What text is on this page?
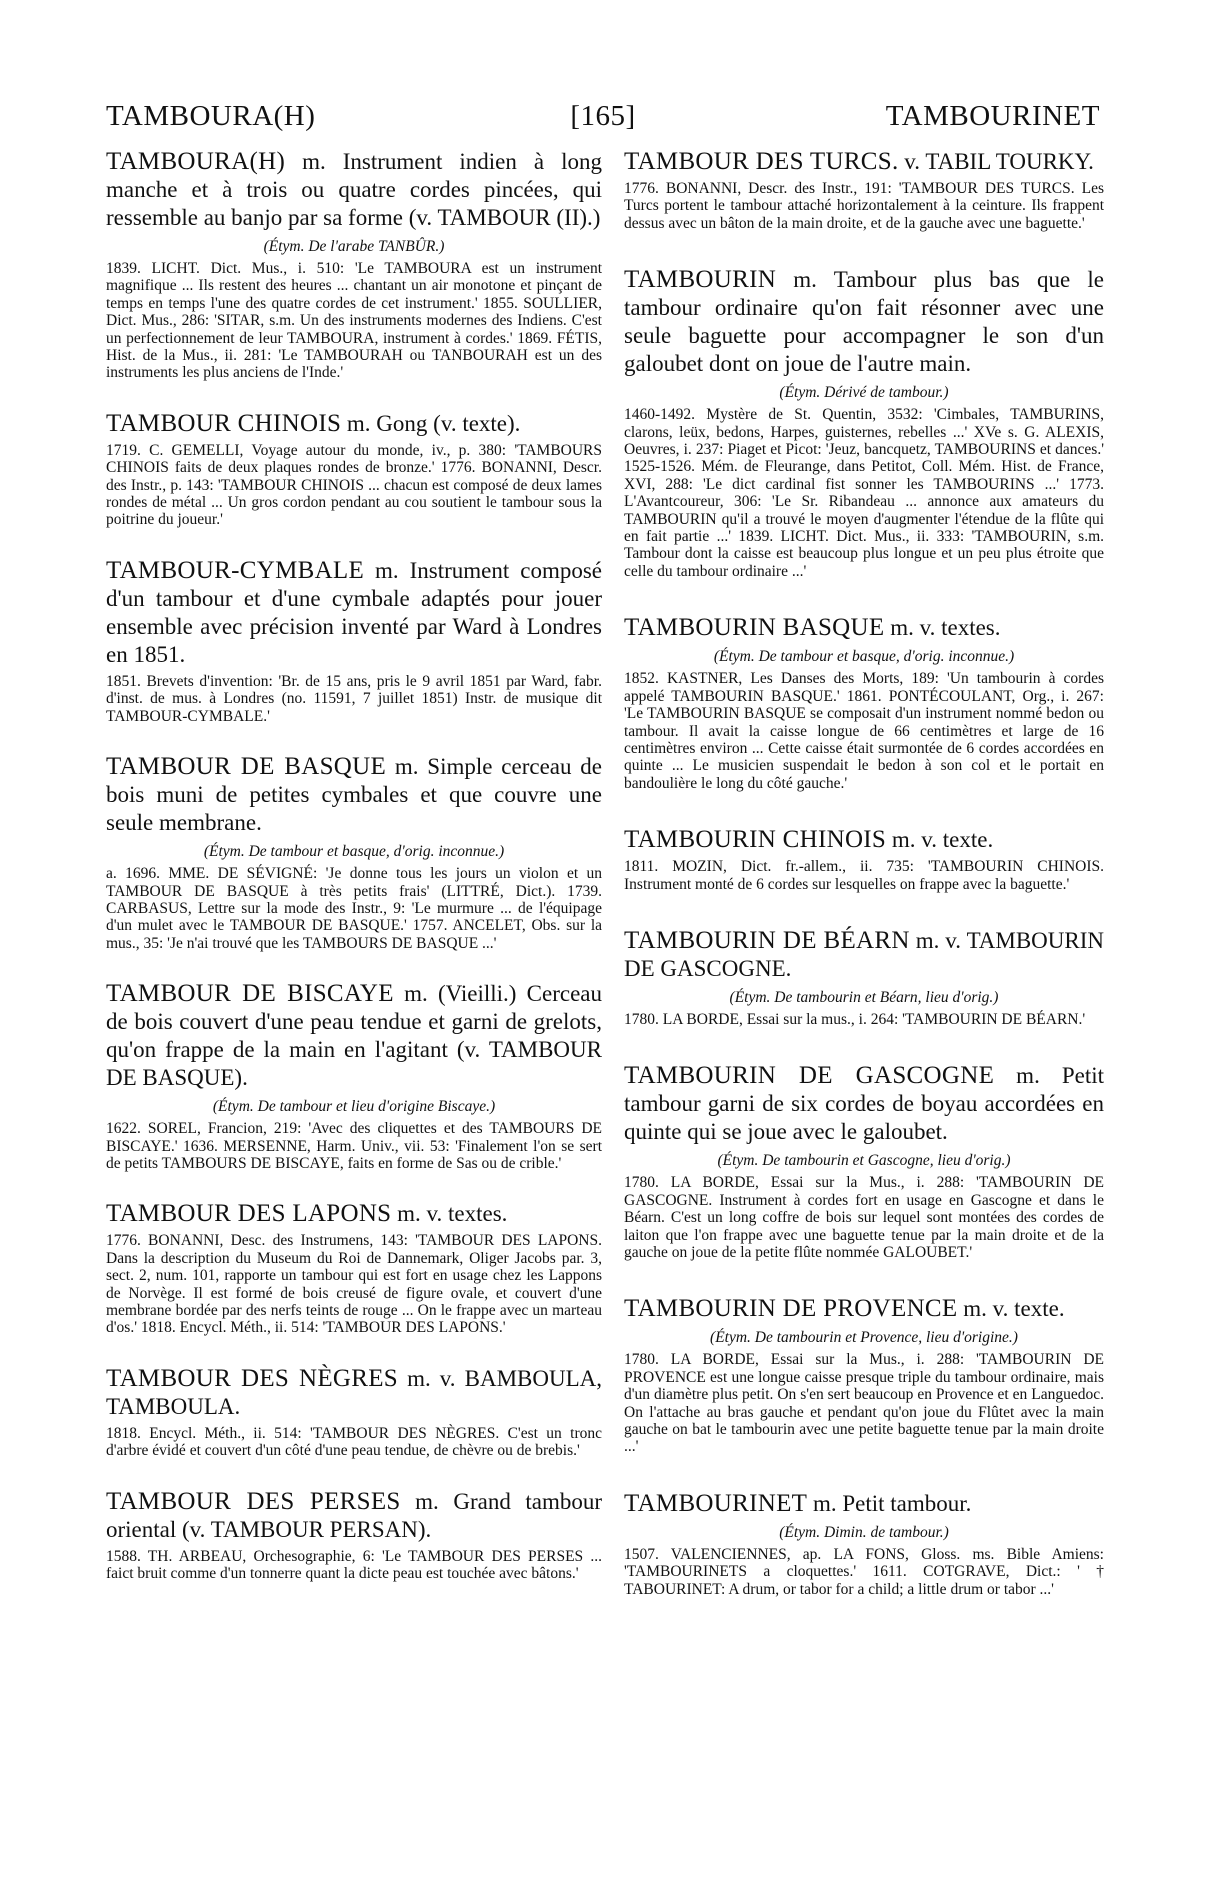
TAMBOURA(H)	[165]	TAMBOURINET

TAMBOURA(H) m. Instrument indien à long manche et à trois ou quatre cordes pincées, qui ressemble au banjo par sa forme (v. TAMBOUR (II).)

(Étym. De l'arabe TANBÛR.)

1839. LICHT. Dict. Mus., i. 510: 'Le TAMBOURA est un instrument magnifique ... Ils restent des heures ... chantant un air monotone et pinçant de temps en temps l'une des quatre cordes de cet instrument.' 1855. SOULLIER, Dict. Mus., 286: 'SITAR, s.m. Un des instruments modernes des Indiens. C'est un perfectionnement de leur TAMBOURA, instrument à cordes.' 1869. FÉTIS, Hist. de la Mus., ii. 281: 'Le TAMBOURAH ou TANBOURAH est un des instruments les plus anciens de l'Inde.'

TAMBOUR CHINOIS m. Gong (v. texte).

1719. C. GEMELLI, Voyage autour du monde, iv., p. 380: 'TAMBOURS CHINOIS faits de deux plaques rondes de bronze.' 1776. BONANNI, Descr. des Instr., p. 143: 'TAMBOUR CHINOIS ... chacun est composé de deux lames rondes de métal ... Un gros cordon pendant au cou soutient le tambour sous la poitrine du joueur.'

TAMBOUR-CYMBALE m. Instrument composé d'un tambour et d'une cymbale adaptés pour jouer ensemble avec précision inventé par Ward à Londres en 1851.

1851. Brevets d'invention: 'Br. de 15 ans, pris le 9 avril 1851 par Ward, fabr. d'inst. de mus. à Londres (no. 11591, 7 juillet 1851) Instr. de musique dit TAMBOUR-CYMBALE.'

TAMBOUR DE BASQUE m. Simple cerceau de bois muni de petites cymbales et que couvre une seule membrane.

(Étym. De tambour et basque, d'orig. inconnue.)

a. 1696. MME. DE SÉVIGNÉ: 'Je donne tous les jours un violon et un TAMBOUR DE BASQUE à très petits frais' (LITTRÉ, Dict.). 1739. CARBASUS, Lettre sur la mode des Instr., 9: 'Le murmure ... de l'équipage d'un mulet avec le TAMBOUR DE BASQUE.' 1757. ANCELET, Obs. sur la mus., 35: 'Je n'ai trouvé que les TAMBOURS DE BASQUE ...'

TAMBOUR DE BISCAYE m. (Vieilli.) Cerceau de bois couvert d'une peau tendue et garni de grelots, qu'on frappe de la main en l'agitant (v. TAMBOUR DE BASQUE).

(Étym. De tambour et lieu d'origine Biscaye.)

1622. SOREL, Francion, 219: 'Avec des cliquettes et des TAMBOURS DE BISCAYE.' 1636. MERSENNE, Harm. Univ., vii. 53: 'Finalement l'on se sert de petits TAMBOURS DE BISCAYE, faits en forme de Sas ou de crible.'

TAMBOUR DES LAPONS m. v. textes.

1776. BONANNI, Desc. des Instrumens, 143: 'TAMBOUR DES LAPONS. Dans la description du Museum du Roi de Dannemark, Oliger Jacobs par. 3, sect. 2, num. 101, rapporte un tambour qui est fort en usage chez les Lappons de Norvège. Il est formé de bois creusé de figure ovale, et couvert d'une membrane bordée par des nerfs teints de rouge ... On le frappe avec un marteau d'os.' 1818. Encycl. Méth., ii. 514: 'TAMBOUR DES LAPONS.'

TAMBOUR DES NÈGRES m. v. BAMBOULA, TAMBOULA.

1818. Encycl. Méth., ii. 514: 'TAMBOUR DES NÈGRES. C'est un tronc d'arbre évidé et couvert d'un côté d'une peau tendue, de chèvre ou de brebis.'

TAMBOUR DES PERSES m. Grand tambour oriental (v. TAMBOUR PERSAN).

1588. TH. ARBEAU, Orchesographie, 6: 'Le TAMBOUR DES PERSES ... faict bruit comme d'un tonnerre quant la dicte peau est touchée avec bâtons.'

TAMBOUR DES TURCS. v. TABIL TOURKY.

1776. BONANNI, Descr. des Instr., 191: 'TAMBOUR DES TURCS. Les Turcs portent le tambour attaché horizontalement à la ceinture. Ils frappent dessus avec un bâton de la main droite, et de la gauche avec une baguette.'

TAMBOURIN m. Tambour plus bas que le tambour ordinaire qu'on fait résonner avec une seule baguette pour accompagner le son d'un galoubet dont on joue de l'autre main.

(Étym. Dérivé de tambour.)

1460-1492. Mystère de St. Quentin, 3532: 'Cimbales, TAMBURINS, clarons, leüx, bedons, Harpes, guisternes, rebelles ...' XVe s. G. ALEXIS, Oeuvres, i. 237: Piaget et Picot: 'Jeuz, bancquetz, TAMBOURINS et dances.' 1525-1526. Mém. de Fleurange, dans Petitot, Coll. Mém. Hist. de France, XVI, 288: 'Le dict cardinal fist sonner les TAMBOURINS ...' 1773. L'Avantcoureur, 306: 'Le Sr. Ribandeau ... annonce aux amateurs du TAMBOURIN qu'il a trouvé le moyen d'augmenter l'étendue de la flûte qui en fait partie ...' 1839. LICHT. Dict. Mus., ii. 333: 'TAMBOURIN, s.m. Tambour dont la caisse est beaucoup plus longue et un peu plus étroite que celle du tambour ordinaire ...'

TAMBOURIN BASQUE m. v. textes.

(Étym. De tambour et basque, d'orig. inconnue.)

1852. KASTNER, Les Danses des Morts, 189: 'Un tambourin à cordes appelé TAMBOURIN BASQUE.' 1861. PONTÉCOULANT, Org., i. 267: 'Le TAMBOURIN BASQUE se composait d'un instrument nommé bedon ou tambour. Il avait la caisse longue de 66 centimètres et large de 16 centimètres environ ... Cette caisse était surmontée de 6 cordes accordées en quinte ... Le musicien suspendait le bedon à son col et le portait en bandoulière le long du côté gauche.'

TAMBOURIN CHINOIS m. v. texte.

1811. MOZIN, Dict. fr.-allem., ii. 735: 'TAMBOURIN CHINOIS. Instrument monté de 6 cordes sur lesquelles on frappe avec la baguette.'

TAMBOURIN DE BÉARN m. v. TAMBOURIN DE GASCOGNE.

(Étym. De tambourin et Béarn, lieu d'orig.)

1780. LA BORDE, Essai sur la mus., i. 264: 'TAMBOURIN DE BÉARN.'

TAMBOURIN DE GASCOGNE m. Petit tambour garni de six cordes de boyau accordées en quinte qui se joue avec le galoubet.

(Étym. De tambourin et Gascogne, lieu d'orig.)

1780. LA BORDE, Essai sur la Mus., i. 288: 'TAMBOURIN DE GASCOGNE. Instrument à cordes fort en usage en Gascogne et dans le Béarn. C'est un long coffre de bois sur lequel sont montées des cordes de laiton que l'on frappe avec une baguette tenue par la main droite et de la gauche on joue de la petite flûte nommée GALOUBET.'

TAMBOURIN DE PROVENCE m. v. texte.

(Étym. De tambourin et Provence, lieu d'origine.)

1780. LA BORDE, Essai sur la Mus., i. 288: 'TAMBOURIN DE PROVENCE est une longue caisse presque triple du tambour ordinaire, mais d'un diamètre plus petit. On s'en sert beaucoup en Provence et en Languedoc. On l'attache au bras gauche et pendant qu'on joue du Flûtet avec la main gauche on bat le tambourin avec une petite baguette tenue par la main droite ...'

TAMBOURINET m. Petit tambour.

(Étym. Dimin. de tambour.)

1507. VALENCIENNES, ap. LA FONS, Gloss. ms. Bible Amiens: 'TAMBOURINETS a cloquettes.' 1611. COTGRAVE, Dict.: ' † TABOURINET: A drum, or tabor for a child; a little drum or tabor ...'
